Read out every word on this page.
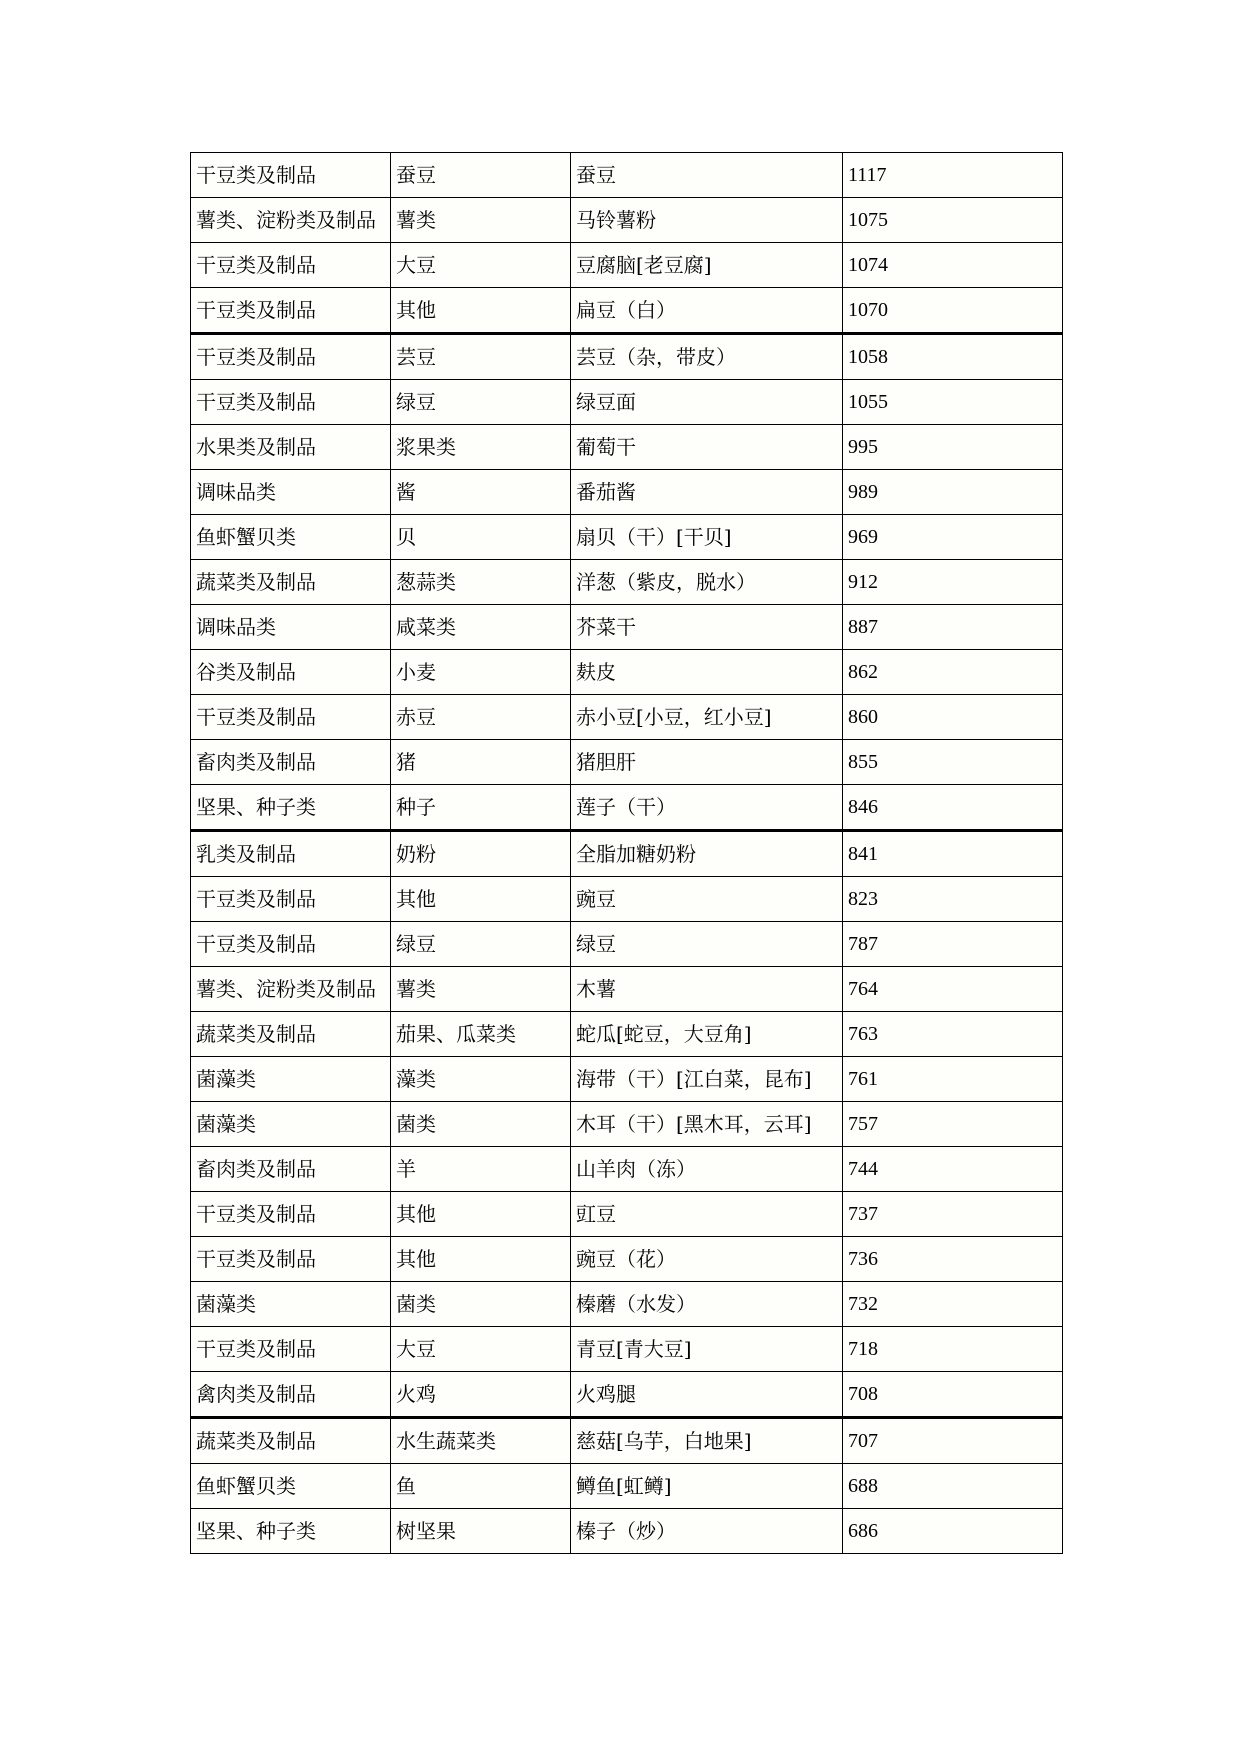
干豆类及制品	蚕豆	蚕豆	1117
薯类、淀粉类及制品	薯类	马铃薯粉	1075
干豆类及制品	大豆	豆腐脑[老豆腐]	1074
干豆类及制品	其他	扁豆（白）	1070
干豆类及制品	芸豆	芸豆（杂，带皮）	1058
干豆类及制品	绿豆	绿豆面	1055
水果类及制品	浆果类	葡萄干	995
调味品类	酱	番茄酱	989
鱼虾蟹贝类	贝	扇贝（干）[干贝]	969
蔬菜类及制品	葱蒜类	洋葱（紫皮，脱水）	912
调味品类	咸菜类	芥菜干	887
谷类及制品	小麦	麸皮	862
干豆类及制品	赤豆	赤小豆[小豆，红小豆]	860
畜肉类及制品	猪	猪胆肝	855
坚果、种子类	种子	莲子（干）	846
乳类及制品	奶粉	全脂加糖奶粉	841
干豆类及制品	其他	豌豆	823
干豆类及制品	绿豆	绿豆	787
薯类、淀粉类及制品	薯类	木薯	764
蔬菜类及制品	茄果、瓜菜类	蛇瓜[蛇豆，大豆角]	763
菌藻类	藻类	海带（干）[江白菜，昆布]	761
菌藻类	菌类	木耳（干）[黑木耳，云耳]	757
畜肉类及制品	羊	山羊肉（冻）	744
干豆类及制品	其他	豇豆	737
干豆类及制品	其他	豌豆（花）	736
菌藻类	菌类	榛蘑（水发）	732
干豆类及制品	大豆	青豆[青大豆]	718
禽肉类及制品	火鸡	火鸡腿	708
蔬菜类及制品	水生蔬菜类	慈菇[乌芋，白地果]	707
鱼虾蟹贝类	鱼	鳟鱼[虹鳟]	688
坚果、种子类	树坚果	榛子（炒）	686
